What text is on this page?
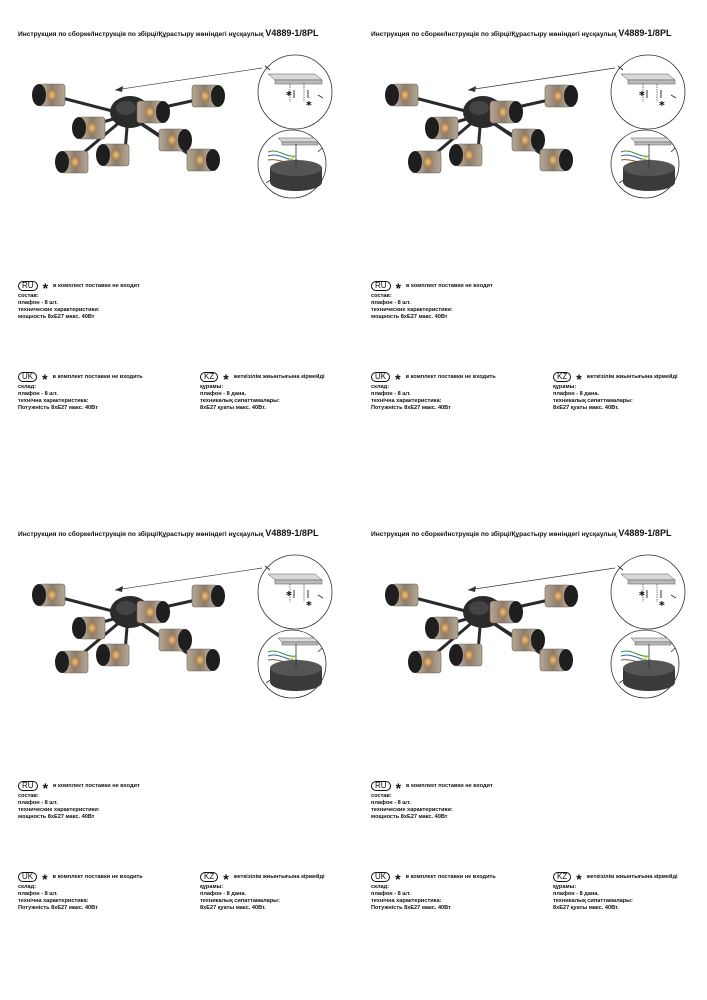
Инструкция по сборке/Інструкція по збірці/Құрастыру жөніндегі нұсқаулық V4889-1/8PL
RU * в комплект поставки не входит
состав:
плафон - 8 шт.
технические характеристики:
мощность 8хЕ27 макс. 40Вт
UK * в комплект поставки не входить
склад:
плафон - 8 шт.
технічна характеристика:
Потужність 8хЕ27 макс. 40Вт
KZ * жеткізілім жиынтығына кірмейді
құрамы:
плафон - 8 дана.
техникалық сипаттамалары:
8хЕ27 қуаты макс. 40Вт.
Инструкция по сборке/Інструкція по збірці/Құрастыру жөніндегі нұсқаулық V4889-1/8PL
RU * в комплект поставки не входит
состав:
плафон - 8 шт.
технические характеристики:
мощность 8хЕ27 макс. 40Вт
UK * в комплект поставки не входить
склад:
плафон - 8 шт.
технічна характеристика:
Потужність 8хЕ27 макс. 40Вт
KZ * жеткізілім жиынтығына кірмейді
құрамы:
плафон - 8 дана.
техникалық сипаттамалары:
8хЕ27 қуаты макс. 40Вт.
Инструкция по сборке/Інструкція по збірці/Құрастыру жөніндегі нұсқаулық V4889-1/8PL
RU * в комплект поставки не входит
состав:
плафон - 8 шт.
технические характеристики:
мощность 8хЕ27 макс. 40Вт
UK * в комплект поставки не входить
склад:
плафон - 8 шт.
технічна характеристика:
Потужність 8хЕ27 макс. 40Вт
KZ * жеткізілім жиынтығына кірмейді
құрамы:
плафон - 8 дана.
техникалық сипаттамалары:
8хЕ27 қуаты макс. 40Вт.
Инструкция по сборке/Інструкція по збірці/Құрастыру жөніндегі нұсқаулық V4889-1/8PL
RU * в комплект поставки не входит
состав:
плафон - 8 шт.
технические характеристики:
мощность 8хЕ27 макс. 40Вт
UK * в комплект поставки не входить
склад:
плафон - 8 шт.
технічна характеристика:
Потужність 8хЕ27 макс. 40Вт
KZ * жеткізілім жиынтығына кірмейді
құрамы:
плафон - 8 дана.
техникалық сипаттамалары:
8хЕ27 қуаты макс. 40Вт.
